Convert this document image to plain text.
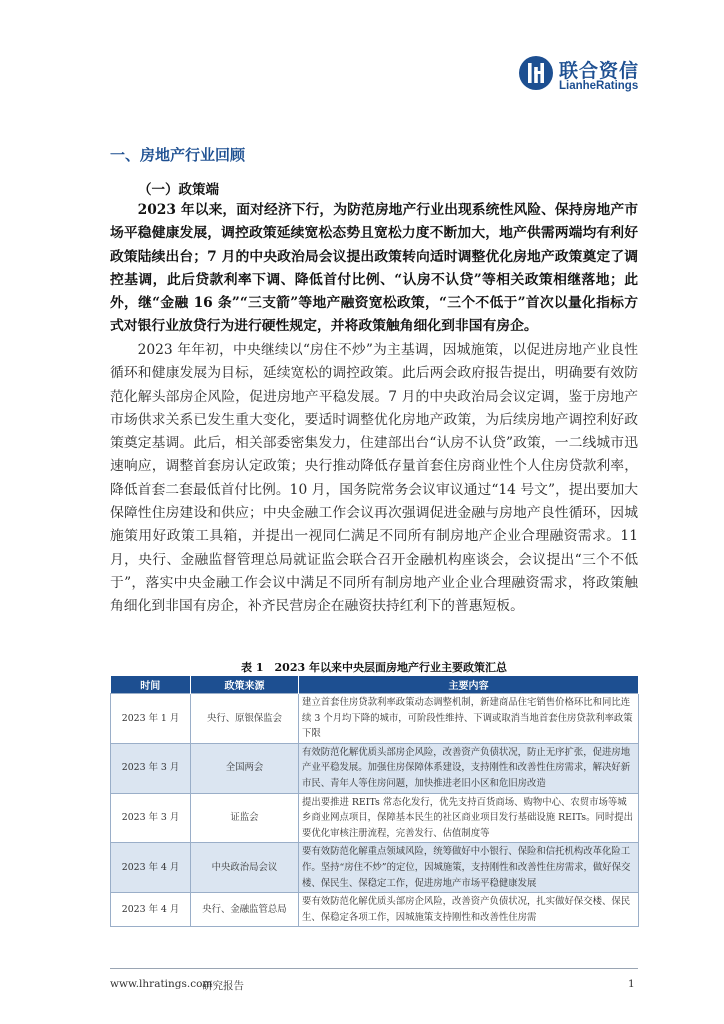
联合资信
LianheRatings
一、房地产行业回顾
（一）政策端

2023 年以来，面对经济下行，为防范房地产行业出现系统性风险、保持房地产市场平稳健康发展，调控政策延续宽松态势且宽松力度不断加大，地产供需两端均有利好政策陆续出台；7 月的中央政治局会议提出政策转向适时调整优化房地产政策奠定了调控基调，此后贷款利率下调、降低首付比例、“认房不认贷”等相关政策相继落地；此外，继“金融 16 条”“三支箭”等地产融资宽松政策，“三个不低于”首次以量化指标方式对银行业放贷行为进行硬性规定，并将政策触角细化到非国有房企。

2023 年年初，中央继续以“房住不炒”为主基调，因城施策，以促进房地产业良性循环和健康发展为目标，延续宽松的调控政策。此后两会政府报告提出，明确要有效防范化解头部房企风险，促进房地产平稳发展。7 月的中央政治局会议定调，鉴于房地产市场供求关系已发生重大变化，要适时调整优化房地产政策，为后续房地产调控利好政策奠定基调。此后，相关部委密集发力，住建部出台“认房不认贷”政策，一二线城市迅速响应，调整首套房认定政策；央行推动降低存量首套住房商业性个人住房贷款利率，降低首套二套最低首付比例。10 月，国务院常务会议审议通过“14 号文”，提出要加大保障性住房建设和供应；中央金融工作会议再次强调促进金融与房地产良性循环，因城施策用好政策工具箱，并提出一视同仁满足不同所有制房地产企业合理融资需求。11 月，央行、金融监督管理总局就证监会联合召开金融机构座谈会，会议提出“三个不低于”，落实中央金融工作会议中满足不同所有制房地产业企业合理融资需求，将政策触角细化到非国有房企，补齐民营房企在融资扶持红利下的普惠短板。

表 1　2023 年以来中央层面房地产行业主要政策汇总
时间	政策来源	主要内容
2023 年 1 月	央行、原银保监会	建立首套住房贷款利率政策动态调整机制，新建商品住宅销售价格环比和同比连续 3 个月均下降的城市，可阶段性维持、下调或取消当地首套住房贷款利率政策下限
2023 年 3 月	全国两会	有效防范化解优质头部房企风险，改善资产负债状况，防止无序扩张，促进房地产业平稳发展。加强住房保障体系建设，支持刚性和改善性住房需求，解决好新市民、青年人等住房问题，加快推进老旧小区和危旧房改造
2023 年 3 月	证监会	提出要推进 REITs 常态化发行，优先支持百货商场、购物中心、农贸市场等城乡商业网点项目，保障基本民生的社区商业项目发行基础设施 REITs。同时提出要优化审核注册流程，完善发行、估值制度等
2023 年 4 月	中央政治局会议	要有效防范化解重点领域风险，统筹做好中小银行、保险和信托机构改革化险工作。坚持“房住不炒”的定位，因城施策，支持刚性和改善性住房需求，做好保交楼、保民生、保稳定工作，促进房地产市场平稳健康发展
2023 年 4 月	央行、金融监管总局	要有效防范化解优质头部房企风险，改善资产负债状况，扎实做好保交楼、保民生、保稳定各项工作，因城施策支持刚性和改善性住房需
www.lhratings.com
研究报告	1
